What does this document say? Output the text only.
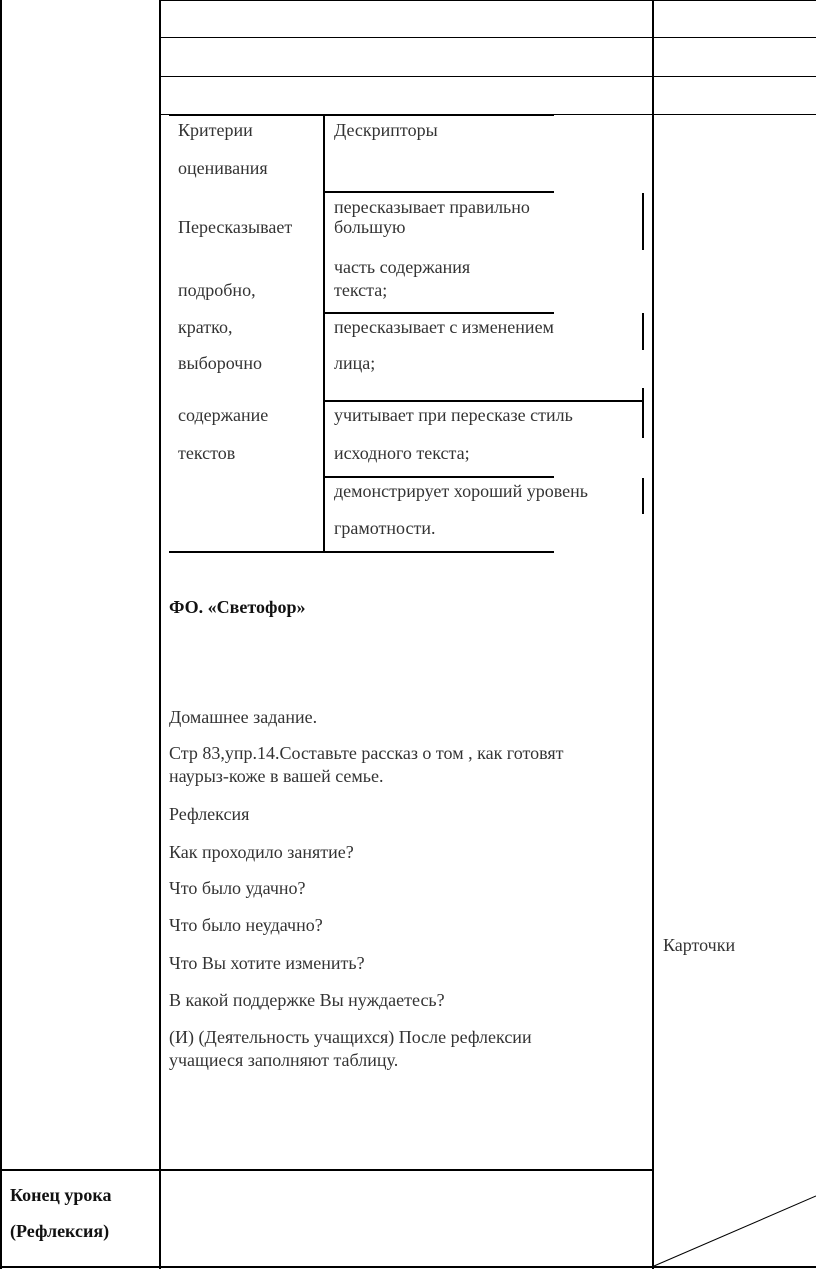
Критерии
оценивания
Дескрипторы
Пересказывает
подробно,
кратко,
выборочно
содержание
текстов
пересказывает правильно
большую
часть содержания
текста;
пересказывает с изменением
лица;
учитывает при пересказе стиль
исходного текста;
демонстрирует хороший уровень
грамотности.
ФО. «Светофор»
Домашнее задание.
Стр 83,упр.14.Составьте рассказ о том , как готовят
наурыз-коже в вашей семье.
Рефлексия
Как проходило занятие?
Что было удачно?
Что было неудачно?
Что Вы хотите изменить?
В какой поддержке Вы нуждаетесь?
(И) (Деятельность учащихся) После рефлексии
учащиеся заполняют таблицу.
Карточки
Конец урока
(Рефлексия)
